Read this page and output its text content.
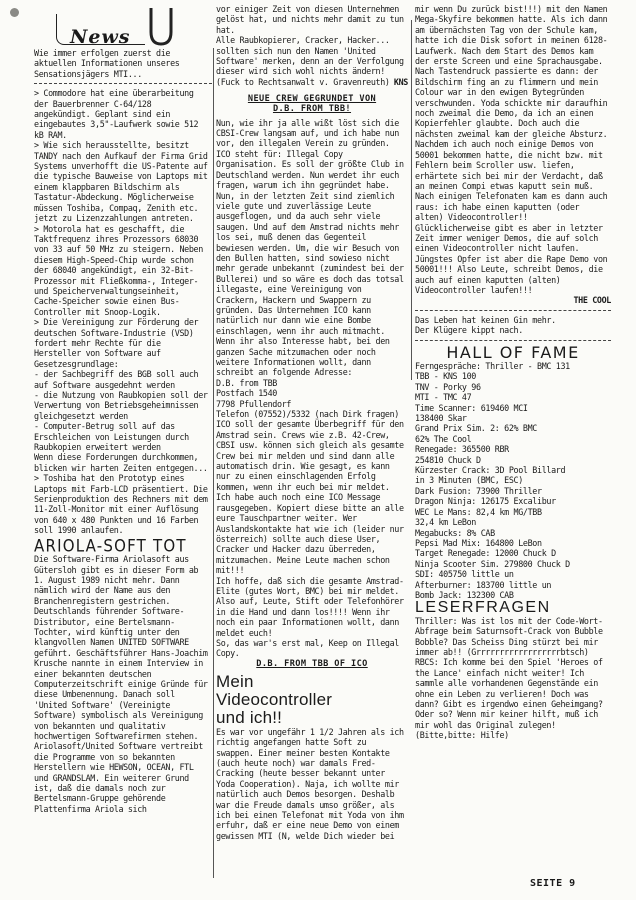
News

Wie immer erfolgen zuerst die aktuellen Informationen unseres Sensationsjägers MTI...

> Commodore hat eine überarbeitung der Bauerbrenner C-64/128 angekündigt. Geplant sind ein eingebautes 3,5"-Laufwerk sowie 512 kB RAM.

> Wie sich herausstellte, besitzt TANDY nach den Aufkauf der Firma Grid Systems unverhofft die US-Patente auf die typische Bauweise von Laptops mit einem klappbaren Bildschirm als Tastatur-Abdeckung. Möglicherweise müssen Toshiba, Compaq, Zenith etc. jetzt zu Lizenzzahlungen antreten.

> Motorola hat es geschafft, die Taktfrequenz ihres Prozessors 68030 von 33 auf 50 MHz zu steigern. Neben diesem High-Speed-Chip wurde schon der 68040 angekündigt, ein 32-Bit-Prozessor mit Fließkomma-, Integer- und Speicherverwaltungseinheit, Cache-Speicher sowie einen Bus-Controller mit Snoop-Logik.

> Die Vereinigung zur Förderung der deutschen Software-Industrie (VSD) fordert mehr Rechte für die Hersteller von Software auf Gesetzesgrundlage:

- der Sachbegriff des BGB soll auch auf Software ausgedehnt werden

- die Nutzung von Raubkopien soll der Verwertung von Betriebsgeheimnissen gleichgesetzt werden

- Computer-Betrug soll auf das Erschleichen von Leistungen durch Raubkopien erweitert werden

Wenn diese Forderungen durchkommen, blicken wir harten Zeiten entgegen...

> Toshiba hat den Prototyp eines Laptops mit Farb-LCD präsentiert. Die Serienproduktion des Rechners mit dem 11-Zoll-Monitor mit einer Auflösung von 640 x 480 Punkten und 16 Farben soll 1990 anlaufen.

ARIOLA-SOFT TOT

Die Software-Firma Ariolasoft aus Gütersloh gibt es in dieser Form ab 1. August 1989 nicht mehr. Dann nämlich wird der Name aus den Branchenregistern gestrichen. Deutschlands führender Software-Distributor, eine Bertelsmann-Tochter, wird künftig unter den klangvollen Namen UNITED SOFTWARE geführt. Geschäftsführer Hans-Joachim Krusche nannte in einem Interview in einer bekannten deutschen Computerzeitschrift einige Gründe für diese Umbenennung. Danach soll 'United Software' (Vereinigte Software) symbolisch als Vereinigung von bekannten und qualitativ hochwertigen Softwarefirmen stehen. Ariolasoft/United Software vertreibt die Programme von so bekannten Herstellern wie HEWSON, OCEAN, FTL und GRANDSLAM. Ein weiterer Grund ist, daß die damals noch zur Bertelsmann-Gruppe gehörende Plattenfirma Ariola sich

vor einiger Zeit von diesen Unternehmen gelöst hat, und nichts mehr damit zu tun hat.

Alle Raubkopierer, Cracker, Hacker... sollten sich nun den Namen 'United Software' merken, denn an der Verfolgung dieser wird sich wohl nichts ändern! (Fuck to Rechtsanwalt v. Gravenreuth) KNS
NEUE CREW GEGRUNDET VON
D.B. FROM TBB!

Nun, wie ihr ja alle wißt löst sich die CBSI-Crew langsam auf, und ich habe nun vor, den illegalen Verein zu gründen.

ICO steht für: Illegal Copy Organisation. Es soll der größte Club in Deutschland werden. Nun werdet ihr euch fragen, warum ich ihn gegründet habe. Nun, in der letzten Zeit sind ziemlich viele gute und zuverlässige Leute ausgeflogen, und da auch sehr viele saugen. Und auf dem Amstrad nichts mehr los sei, muß denen das Gegenteil bewiesen werden. Um, die wir Besuch von den Bullen hatten, sind sowieso nicht mehr gerade unbekannt (zumindest bei der Bullerei) und so wäre es doch das totsal illegaste, eine Vereinigung von Crackern, Hackern und Swappern zu gründen. Das Unternehmen ICO kann natürlich nur dann wie eine Bombe einschlagen, wenn ihr auch mitmacht. Wenn ihr also Interesse habt, bei den ganzen Sache mitzumachen oder noch weitere Informationen wollt, dann schreibt an folgende Adresse:

D.B. from TBB

Postfach 1540

7798 Pfullendorf

Telefon (07552)/5332 (nach Dirk fragen)

ICO soll der gesamte Überbegriff für den Amstrad sein. Crews wie z.B. 42-Crew, CBSI usw. können sich gleich als gesamte Crew bei mir melden und sind dann alle automatisch drin. Wie gesagt, es kann nur zu einen einschlagenden Erfolg kommen, wenn ihr euch bei mir meldet. Ich habe auch noch eine ICO Message rausgegeben. Kopiert diese bitte an alle eure Tauschpartner weiter. Wer Auslandskontakte hat wie ich (leider nur österreich) sollte auch diese User, Cracker und Hacker dazu überreden, mitzumachen. Meine Leute machen schon mit!!!

Ich hoffe, daß sich die gesamte Amstrad-Elite (gutes Wort, BMC) bei mir meldet. Also auf, Leute, Stift oder Telefonhörer in die Hand und dann los!!!! Wenn ihr noch ein paar Informationen wollt, dann meldet euch!

So, das war's erst mal, Keep on Illegal Copy.

D.B. FROM TBB OF ICO
Mein Videocontroller und ich!!

Es war vor ungefähr 1 1/2 Jahren als ich richtig angefangen hatte Soft zu swappen. Einer meiner besten Kontakte (auch heute noch) war damals Fred-Cracking (heute besser bekannt unter Yoda Cooperation). Naja, ich wollte mir natürlich auch Demos besorgen. Deshalb war die Freude damals umso größer, als ich bei einen Telefonat mit Yoda von ihm erfuhr, daß er eine neue Demo von einem gewissen MTI (N, welde Dich wieder bei

mir wenn Du zurück bist!!!) mit den Namen Mega-Skyfire bekommen hatte. Als ich dann am übernächsten Tag von der Schule kam, hatte ich die Disk sofort in meinen 6128-Laufwerk. Nach dem Start des Demos kam der erste Screen und eine Sprachausgabe. Nach Tastendruck passierte es dann: der Bildschirm fing an zu flimmern und mein Colour war in den ewigen Bytegründen verschwunden. Yoda schickte mir daraufhin noch zweimal die Demo, da ich an einen Kopierfehler glaubte. Doch auch die nächsten zweimal kam der gleiche Absturz. Nachdem ich auch noch einige Demos von 50001 bekommen hatte, die nicht bzw. mit Fehlern beim Scroller usw. liefen, erhärtete sich bei mir der Verdacht, daß an meinen Compi etwas kaputt sein muß. Nach einigen Telefonaten kam es dann auch raus: ich habe einen kaputten (oder alten) Videocontroller!!

Glücklicherweise gibt es aber in letzter Zeit immer weniger Demos, die auf solch einen Videocontroller nicht laufen. Jüngstes Opfer ist aber die Rape Demo von 50001!!! Also Leute, schreibt Demos, die auch auf einen kaputten (alten) Videocontroller laufen!!!

THE COOL

Das Leben hat keinen Gin mehr.

Der Klügere kippt nach.

HALL OF FAME
Ferngespräche: Thriller - BMC 131
TBB - KNS 100
TNV - Porky 96
MTI - TMC 47
Time Scanner: 619460 MCI
138400 Skar
Grand Prix Sim. 2: 62% BMC
62% The Cool
Renegade: 365500 RBR
254810 Chuck D
Kürzester Crack: 3D Pool Billard
in 3 Minuten (BMC, ESC)
Dark Fusion: 73900 Thriller
Dragon Ninja: 126175 Excalibur
WEC Le Mans: 82,4 km MG/TBB
32,4 km LeBon
Megabucks: 8% CAB
Pepsi Mad Mix: 164800 LeBon
Target Renegade: 12000 Chuck D
Ninja Scooter Sim. 279800 Chuck D
SDI: 405750 little un
Afterburner: 183700 little un
Bomb Jack: 132300 CAB
LESERFRAGEN

Thriller: Was ist los mit der Code-Wort-Abfrage beim Saturnsoft-Crack von Bubble Bobble? Das Scheiss Ding stürzt bei mir immer ab!! (Grrrrrrrrrrrrrrrrrrbtsch)

RBCS: Ich komme bei den Spiel 'Heroes of the Lance' einfach nicht weiter! Ich sammle alle vorhandenen Gegenstände ein ohne ein Leben zu verlieren! Doch was dann? Gibt es irgendwo einen Geheimgang? Oder so? Wenn mir keiner hilft, muß ich mir wohl das Original zulegen! (Bitte,bitte: Hilfe)

SEITE 9
